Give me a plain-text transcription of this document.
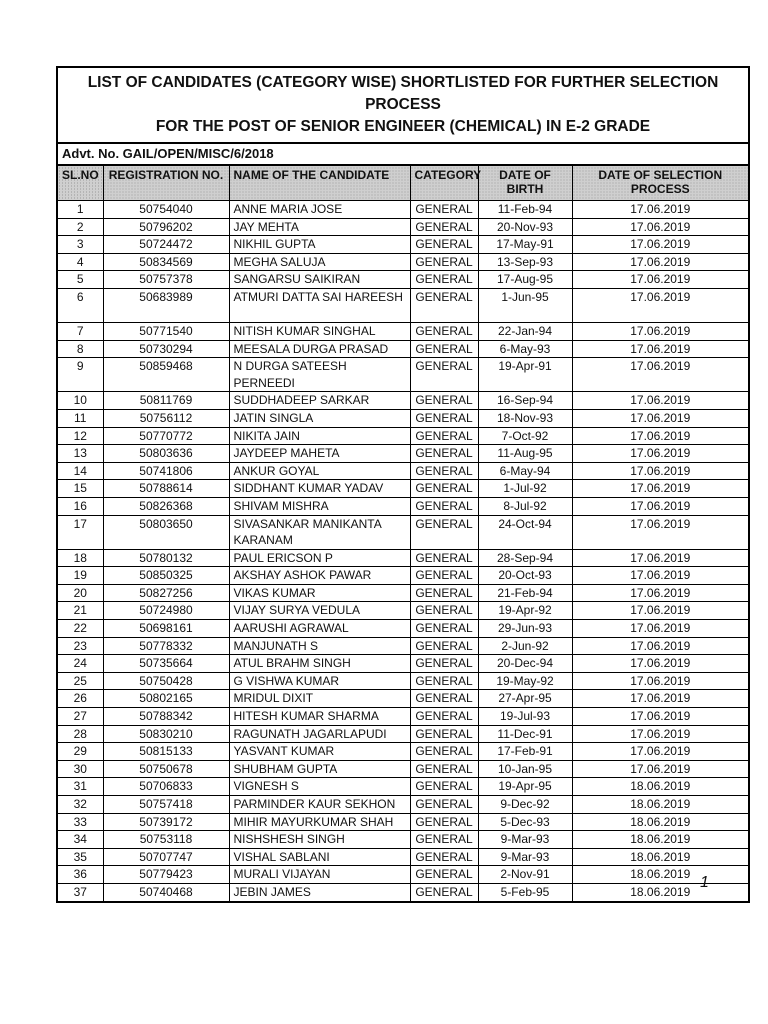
LIST OF CANDIDATES (CATEGORY WISE) SHORTLISTED FOR FURTHER SELECTION PROCESS
FOR THE POST OF SENIOR ENGINEER (CHEMICAL) IN E-2 GRADE
Advt. No. GAIL/OPEN/MISC/6/2018
SL.NO	REGISTRATION NO.	NAME OF THE CANDIDATE	CATEGORY	DATE OF BIRTH	DATE OF SELECTION PROCESS
1	50754040	ANNE MARIA JOSE	GENERAL	11-Feb-94	17.06.2019
2	50796202	JAY MEHTA	GENERAL	20-Nov-93	17.06.2019
3	50724472	NIKHIL GUPTA	GENERAL	17-May-91	17.06.2019
4	50834569	MEGHA SALUJA	GENERAL	13-Sep-93	17.06.2019
5	50757378	SANGARSU SAIKIRAN	GENERAL	17-Aug-95	17.06.2019
6	50683989	ATMURI DATTA SAI HAREESH	GENERAL	1-Jun-95	17.06.2019
7	50771540	NITISH KUMAR SINGHAL	GENERAL	22-Jan-94	17.06.2019
8	50730294	MEESALA DURGA PRASAD	GENERAL	6-May-93	17.06.2019
9	50859468	N DURGA SATEESH PERNEEDI	GENERAL	19-Apr-91	17.06.2019
10	50811769	SUDDHADEEP SARKAR	GENERAL	16-Sep-94	17.06.2019
11	50756112	JATIN SINGLA	GENERAL	18-Nov-93	17.06.2019
12	50770772	NIKITA JAIN	GENERAL	7-Oct-92	17.06.2019
13	50803636	JAYDEEP MAHETA	GENERAL	11-Aug-95	17.06.2019
14	50741806	ANKUR GOYAL	GENERAL	6-May-94	17.06.2019
15	50788614	SIDDHANT KUMAR YADAV	GENERAL	1-Jul-92	17.06.2019
16	50826368	SHIVAM MISHRA	GENERAL	8-Jul-92	17.06.2019
17	50803650	SIVASANKAR MANIKANTA KARANAM	GENERAL	24-Oct-94	17.06.2019
18	50780132	PAUL ERICSON P	GENERAL	28-Sep-94	17.06.2019
19	50850325	AKSHAY ASHOK PAWAR	GENERAL	20-Oct-93	17.06.2019
20	50827256	VIKAS KUMAR	GENERAL	21-Feb-94	17.06.2019
21	50724980	VIJAY SURYA VEDULA	GENERAL	19-Apr-92	17.06.2019
22	50698161	AARUSHI AGRAWAL	GENERAL	29-Jun-93	17.06.2019
23	50778332	MANJUNATH S	GENERAL	2-Jun-92	17.06.2019
24	50735664	ATUL BRAHM SINGH	GENERAL	20-Dec-94	17.06.2019
25	50750428	G VISHWA KUMAR	GENERAL	19-May-92	17.06.2019
26	50802165	MRIDUL DIXIT	GENERAL	27-Apr-95	17.06.2019
27	50788342	HITESH KUMAR SHARMA	GENERAL	19-Jul-93	17.06.2019
28	50830210	RAGUNATH JAGARLAPUDI	GENERAL	11-Dec-91	17.06.2019
29	50815133	YASVANT KUMAR	GENERAL	17-Feb-91	17.06.2019
30	50750678	SHUBHAM GUPTA	GENERAL	10-Jan-95	17.06.2019
31	50706833	VIGNESH S	GENERAL	19-Apr-95	18.06.2019
32	50757418	PARMINDER KAUR SEKHON	GENERAL	9-Dec-92	18.06.2019
33	50739172	MIHIR MAYURKUMAR SHAH	GENERAL	5-Dec-93	18.06.2019
34	50753118	NISHSHESH SINGH	GENERAL	9-Mar-93	18.06.2019
35	50707747	VISHAL SABLANI	GENERAL	9-Mar-93	18.06.2019
36	50779423	MURALI VIJAYAN	GENERAL	2-Nov-91	18.06.2019
37	50740468	JEBIN JAMES	GENERAL	5-Feb-95	18.06.2019
1
